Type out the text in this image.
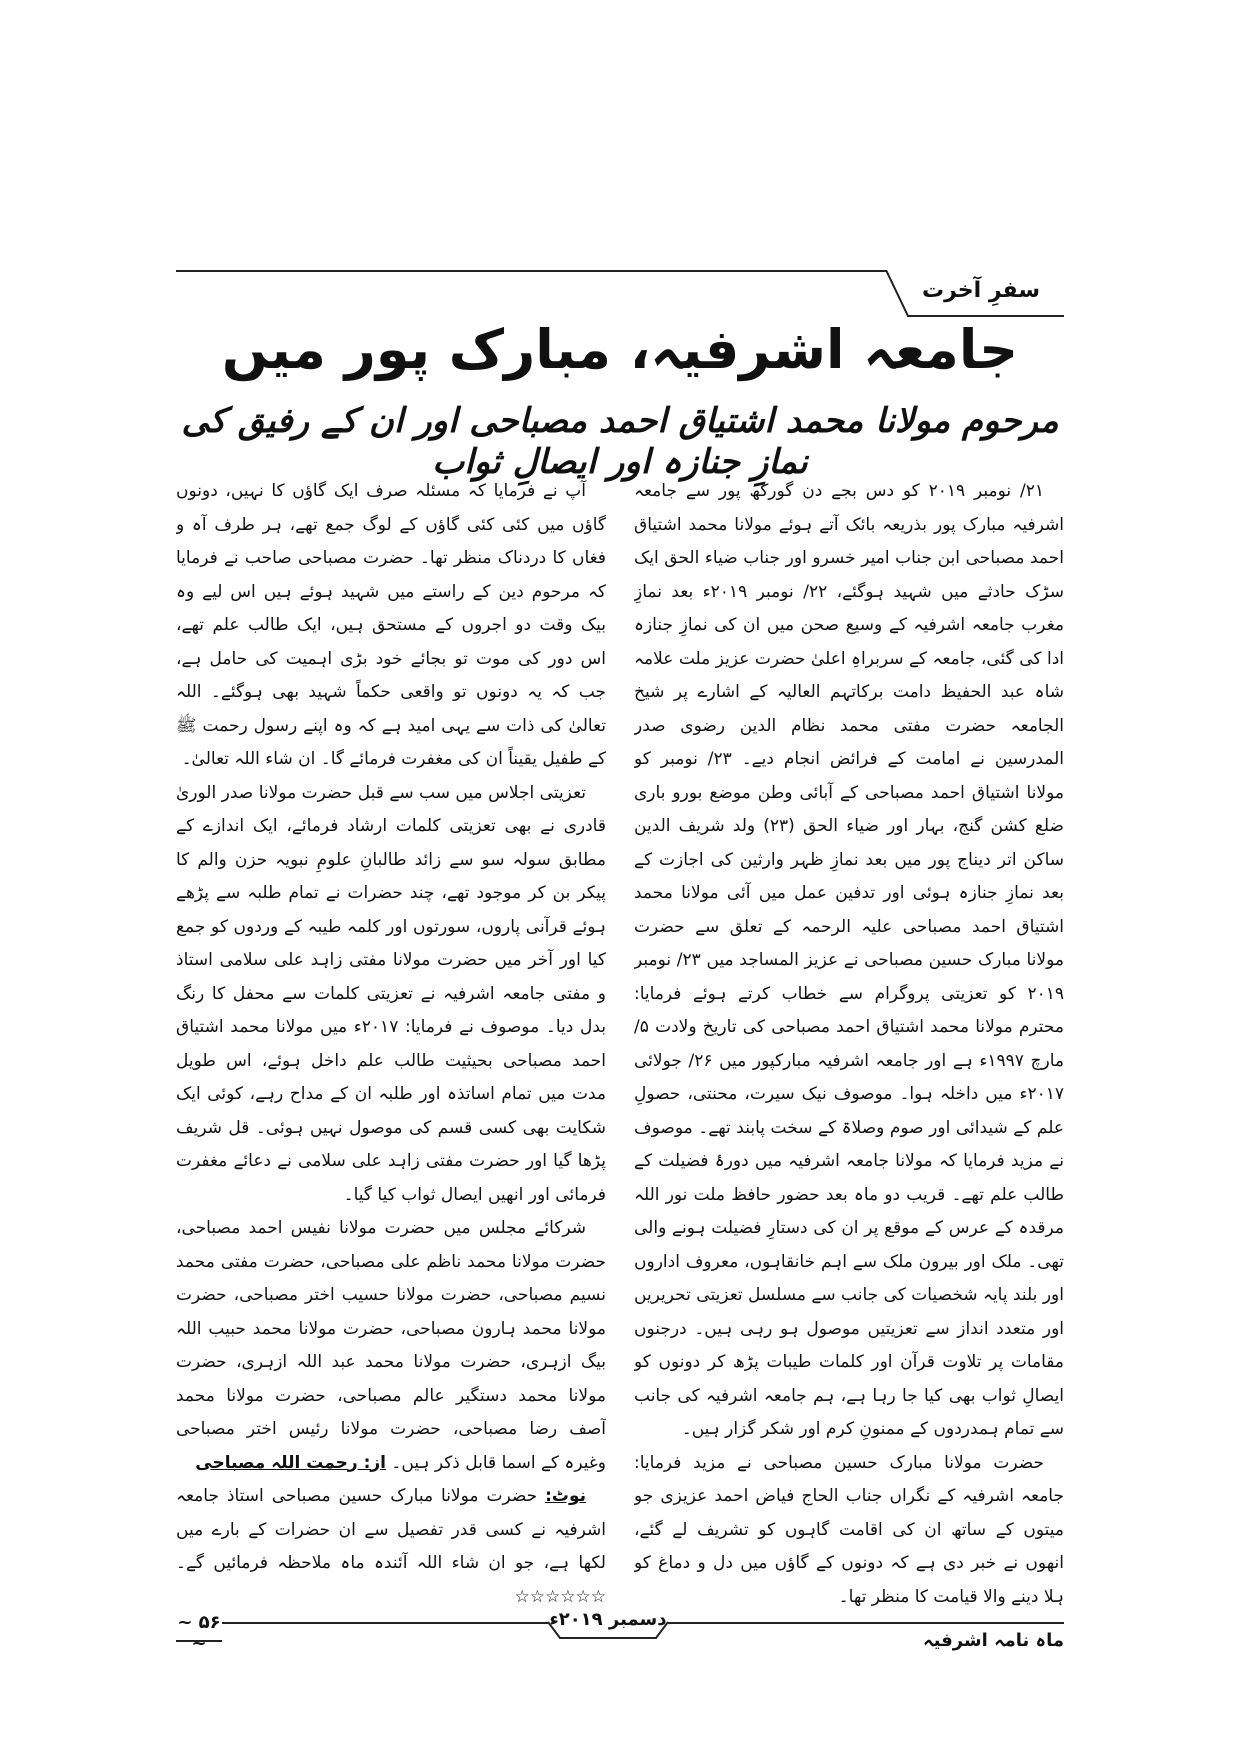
سفرِ آخرت
جامعہ اشرفیہ، مبارک پور میں
مرحوم مولانا محمد اشتیاق احمد مصباحی اور ان کے رفیق کی نمازِ جنازہ اور ایصالِ ثواب

۲۱/ نومبر ۲۰۱۹ کو دس بجے دن گورکھ پور سے جامعہ اشرفیہ مبارک پور بذریعہ بائک آتے ہوئے مولانا محمد اشتیاق احمد مصباحی ابن جناب امیر خسرو اور جناب ضیاء الحق ایک سڑک حادثے میں شہید ہوگئے، ۲۲/ نومبر ۲۰۱۹ء بعد نمازِ مغرب جامعہ اشرفیہ کے وسیع صحن میں ان کی نمازِ جنازہ ادا کی گئی، جامعہ کے سربراہِ اعلیٰ حضرت عزیز ملت علامہ شاہ عبد الحفیظ دامت برکاتہم العالیہ کے اشارے پر شیخ الجامعہ حضرت مفتی محمد نظام الدین رضوی صدر المدرسین نے امامت کے فرائض انجام دیے۔ ۲۳/ نومبر کو مولانا اشتیاق احمد مصباحی کے آبائی وطن موضع بورو باری ضلع کشن گنج، بہار اور ضیاء الحق (۲۳) ولد شریف الدین ساکن اتر دیناج پور میں بعد نمازِ ظہر وارثین کی اجازت کے بعد نمازِ جنازہ ہوئی اور تدفین عمل میں آئی مولانا محمد اشتیاق احمد مصباحی علیہ الرحمہ کے تعلق سے حضرت مولانا مبارک حسین مصباحی نے عزیز المساجد میں ۲۳/ نومبر ۲۰۱۹ کو تعزیتی پروگرام سے خطاب کرتے ہوئے فرمایا: محترم مولانا محمد اشتیاق احمد مصباحی کی تاریخ ولادت ۵/ مارچ ۱۹۹۷ء ہے اور جامعہ اشرفیہ مبارکپور میں ۲۶/ جولائی ۲۰۱۷ء میں داخلہ ہوا۔ موصوف نیک سیرت، محنتی، حصولِ علم کے شیدائی اور صوم وصلاۃ کے سخت پابند تھے۔ موصوف نے مزید فرمایا کہ مولانا جامعہ اشرفیہ میں دورۂ فضیلت کے طالب علم تھے۔ قریب دو ماہ بعد حضور حافظ ملت نور اللہ مرقدہ کے عرس کے موقع پر ان کی دستارِ فضیلت ہونے والی تھی۔ ملک اور بیرون ملک سے اہم خانقاہوں، معروف اداروں اور بلند پایہ شخصیات کی جانب سے مسلسل تعزیتی تحریریں اور متعدد انداز سے تعزیتیں موصول ہو رہی ہیں۔ درجنوں مقامات پر تلاوت قرآن اور کلمات طیبات پڑھ کر دونوں کو ایصالِ ثواب بھی کیا جا رہا ہے، ہم جامعہ اشرفیہ کی جانب سے تمام ہمدردوں کے ممنونِ کرم اور شکر گزار ہیں۔

حضرت مولانا مبارک حسین مصباحی نے مزید فرمایا: جامعہ اشرفیہ کے نگراں جناب الحاج فیاض احمد عزیزی جو میتوں کے ساتھ ان کی اقامت گاہوں کو تشریف لے گئے، انھوں نے خبر دی ہے کہ دونوں کے گاؤں میں دل و دماغ کو ہلا دینے والا قیامت کا منظر تھا۔

آپ نے فرمایا کہ مسئلہ صرف ایک گاؤں کا نہیں، دونوں گاؤں میں کئی کئی گاؤں کے لوگ جمع تھے، ہر طرف آہ و فغاں کا دردناک منظر تھا۔ حضرت مصباحی صاحب نے فرمایا کہ مرحوم دین کے راستے میں شہید ہوئے ہیں اس لیے وہ بیک وقت دو اجروں کے مستحق ہیں، ایک طالب علم تھے، اس دور کی موت تو بجائے خود بڑی اہمیت کی حامل ہے، جب کہ یہ دونوں تو واقعی حکماً شہید بھی ہوگئے۔ اللہ تعالیٰ کی ذات سے یہی امید ہے کہ وہ اپنے رسول رحمت ﷺ کے طفیل یقیناً ان کی مغفرت فرمائے گا۔ ان شاء اللہ تعالیٰ۔

تعزیتی اجلاس میں سب سے قبل حضرت مولانا صدر الوریٰ قادری نے بھی تعزیتی کلمات ارشاد فرمائے، ایک اندازے کے مطابق سولہ سو سے زائد طالبانِ علومِ نبویہ حزن والم کا پیکر بن کر موجود تھے، چند حضرات نے تمام طلبہ سے پڑھے ہوئے قرآنی پاروں، سورتوں اور کلمہ طیبہ کے وردوں کو جمع کیا اور آخر میں حضرت مولانا مفتی زاہد علی سلامی استاذ و مفتی جامعہ اشرفیہ نے تعزیتی کلمات سے محفل کا رنگ بدل دیا۔ موصوف نے فرمایا: ۲۰۱۷ء میں مولانا محمد اشتیاق احمد مصباحی بحیثیت طالب علم داخل ہوئے، اس طویل مدت میں تمام اساتذہ اور طلبہ ان کے مداح رہے، کوئی ایک شکایت بھی کسی قسم کی موصول نہیں ہوئی۔ قل شریف پڑھا گیا اور حضرت مفتی زاہد علی سلامی نے دعائے مغفرت فرمائی اور انھیں ایصال ثواب کیا گیا۔

شرکائے مجلس میں حضرت مولانا نفیس احمد مصباحی، حضرت مولانا محمد ناظم علی مصباحی، حضرت مفتی محمد نسیم مصباحی، حضرت مولانا حسیب اختر مصباحی، حضرت مولانا محمد ہارون مصباحی، حضرت مولانا محمد حبیب اللہ بیگ ازہری، حضرت مولانا محمد عبد اللہ ازہری، حضرت مولانا محمد دستگیر عالم مصباحی، حضرت مولانا محمد آصف رضا مصباحی، حضرت مولانا رئیس اختر مصباحی وغیرہ کے اسما قابل ذکر ہیں۔ از: رحمت اللہ مصباحی

نوٹ: حضرت مولانا مبارک حسین مصباحی استاذ جامعہ اشرفیہ نے کسی قدر تفصیل سے ان حضرات کے بارے میں لکھا ہے، جو ان شاء اللہ آئندہ ماہ ملاحظہ فرمائیں گے۔ ☆☆☆☆☆☆

دسمبر ۲۰۱۹ء
ماہ نامہ اشرفیہ
~ ۵۶ ~
